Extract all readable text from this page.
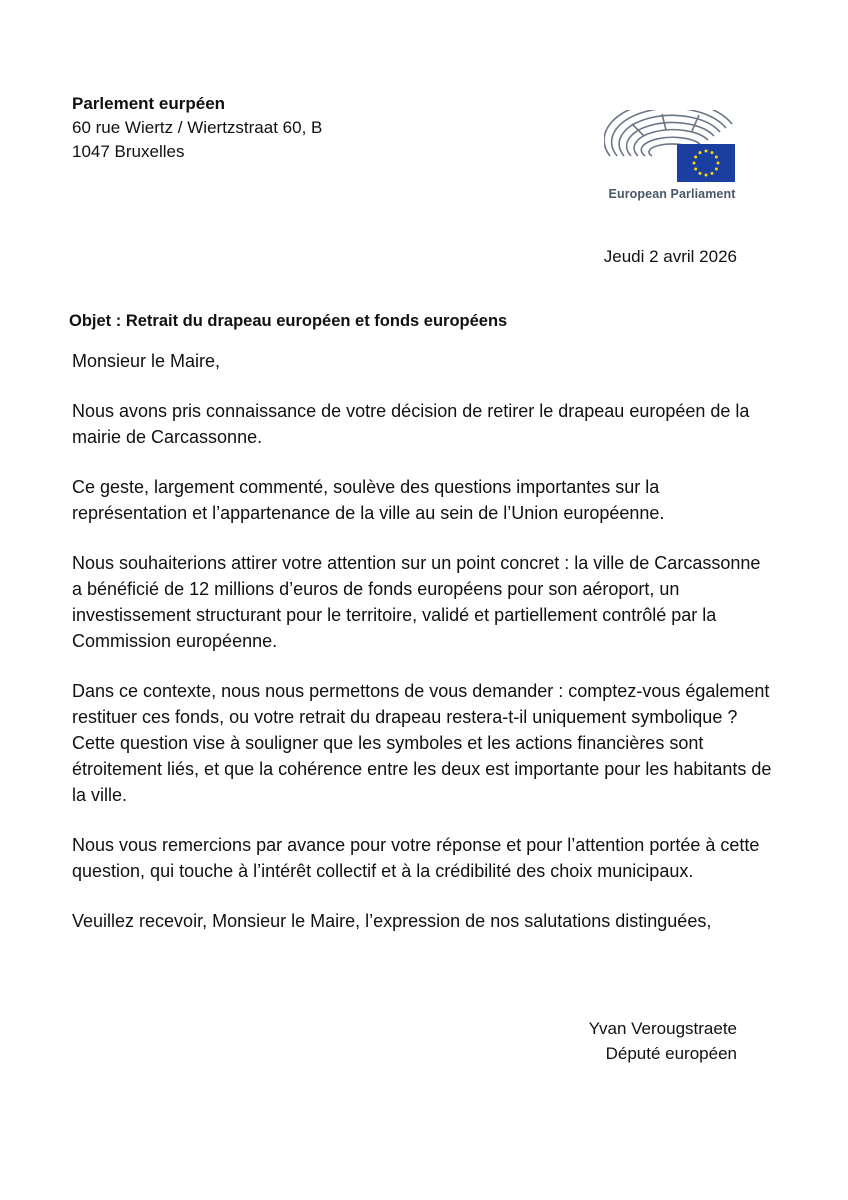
Parlement eurpéen
60 rue Wiertz / Wiertzstraat 60, B
1047 Bruxelles
European Parliament
Jeudi 2 avril 2026
Objet : Retrait du drapeau européen et fonds européens

Monsieur le Maire,

Nous avons pris connaissance de votre décision de retirer le drapeau européen de la mairie de Carcassonne.

Ce geste, largement commenté, soulève des questions importantes sur la représentation et l’appartenance de la ville au sein de l’Union européenne.

Nous souhaiterions attirer votre attention sur un point concret : la ville de Carcassonne a bénéficié de 12 millions d’euros de fonds européens pour son aéroport, un investissement structurant pour le territoire, validé et partiellement contrôlé par la Commission européenne.

Dans ce contexte, nous nous permettons de vous demander : comptez-vous également restituer ces fonds, ou votre retrait du drapeau restera-t-il uniquement symbolique ? Cette question vise à souligner que les symboles et les actions financières sont étroitement liés, et que la cohérence entre les deux est importante pour les habitants de la ville.

Nous vous remercions par avance pour votre réponse et pour l’attention portée à cette question, qui touche à l’intérêt collectif et à la crédibilité des choix municipaux.

Veuillez recevoir, Monsieur le Maire, l’expression de nos salutations distinguées,

Yvan Verougstraete
Député européen
